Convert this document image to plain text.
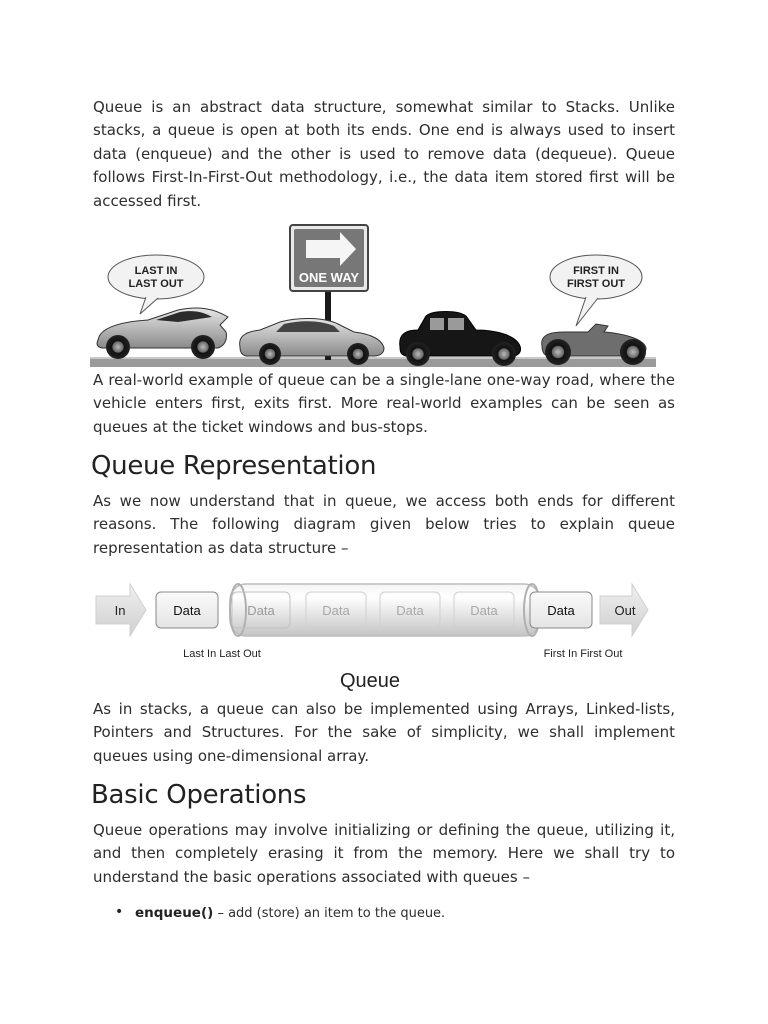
Queue is an abstract data structure, somewhat similar to Stacks. Unlike stacks, a queue is open at both its ends. One end is always used to insert data (enqueue) and the other is used to remove data (dequeue). Queue follows First-In-First-Out methodology, i.e., the data item stored first will be accessed first.

LAST IN
LAST OUT	ONE WAY	FIRST IN
FIRST OUT

A real-world example of queue can be a single-lane one-way road, where the vehicle enters first, exits first. More real-world examples can be seen as queues at the ticket windows and bus-stops.

Queue Representation

As we now understand that in queue, we access both ends for different reasons. The following diagram given below tries to explain queue representation as data structure –

In	Data	Data	Data	Data	Data	Data	Out
Last In Last Out	First In First Out
Queue

As in stacks, a queue can also be implemented using Arrays, Linked-lists, Pointers and Structures. For the sake of simplicity, we shall implement queues using one-dimensional array.

Basic Operations

Queue operations may involve initializing or defining the queue, utilizing it, and then completely erasing it from the memory. Here we shall try to understand the basic operations associated with queues –

• enqueue() – add (store) an item to the queue.
